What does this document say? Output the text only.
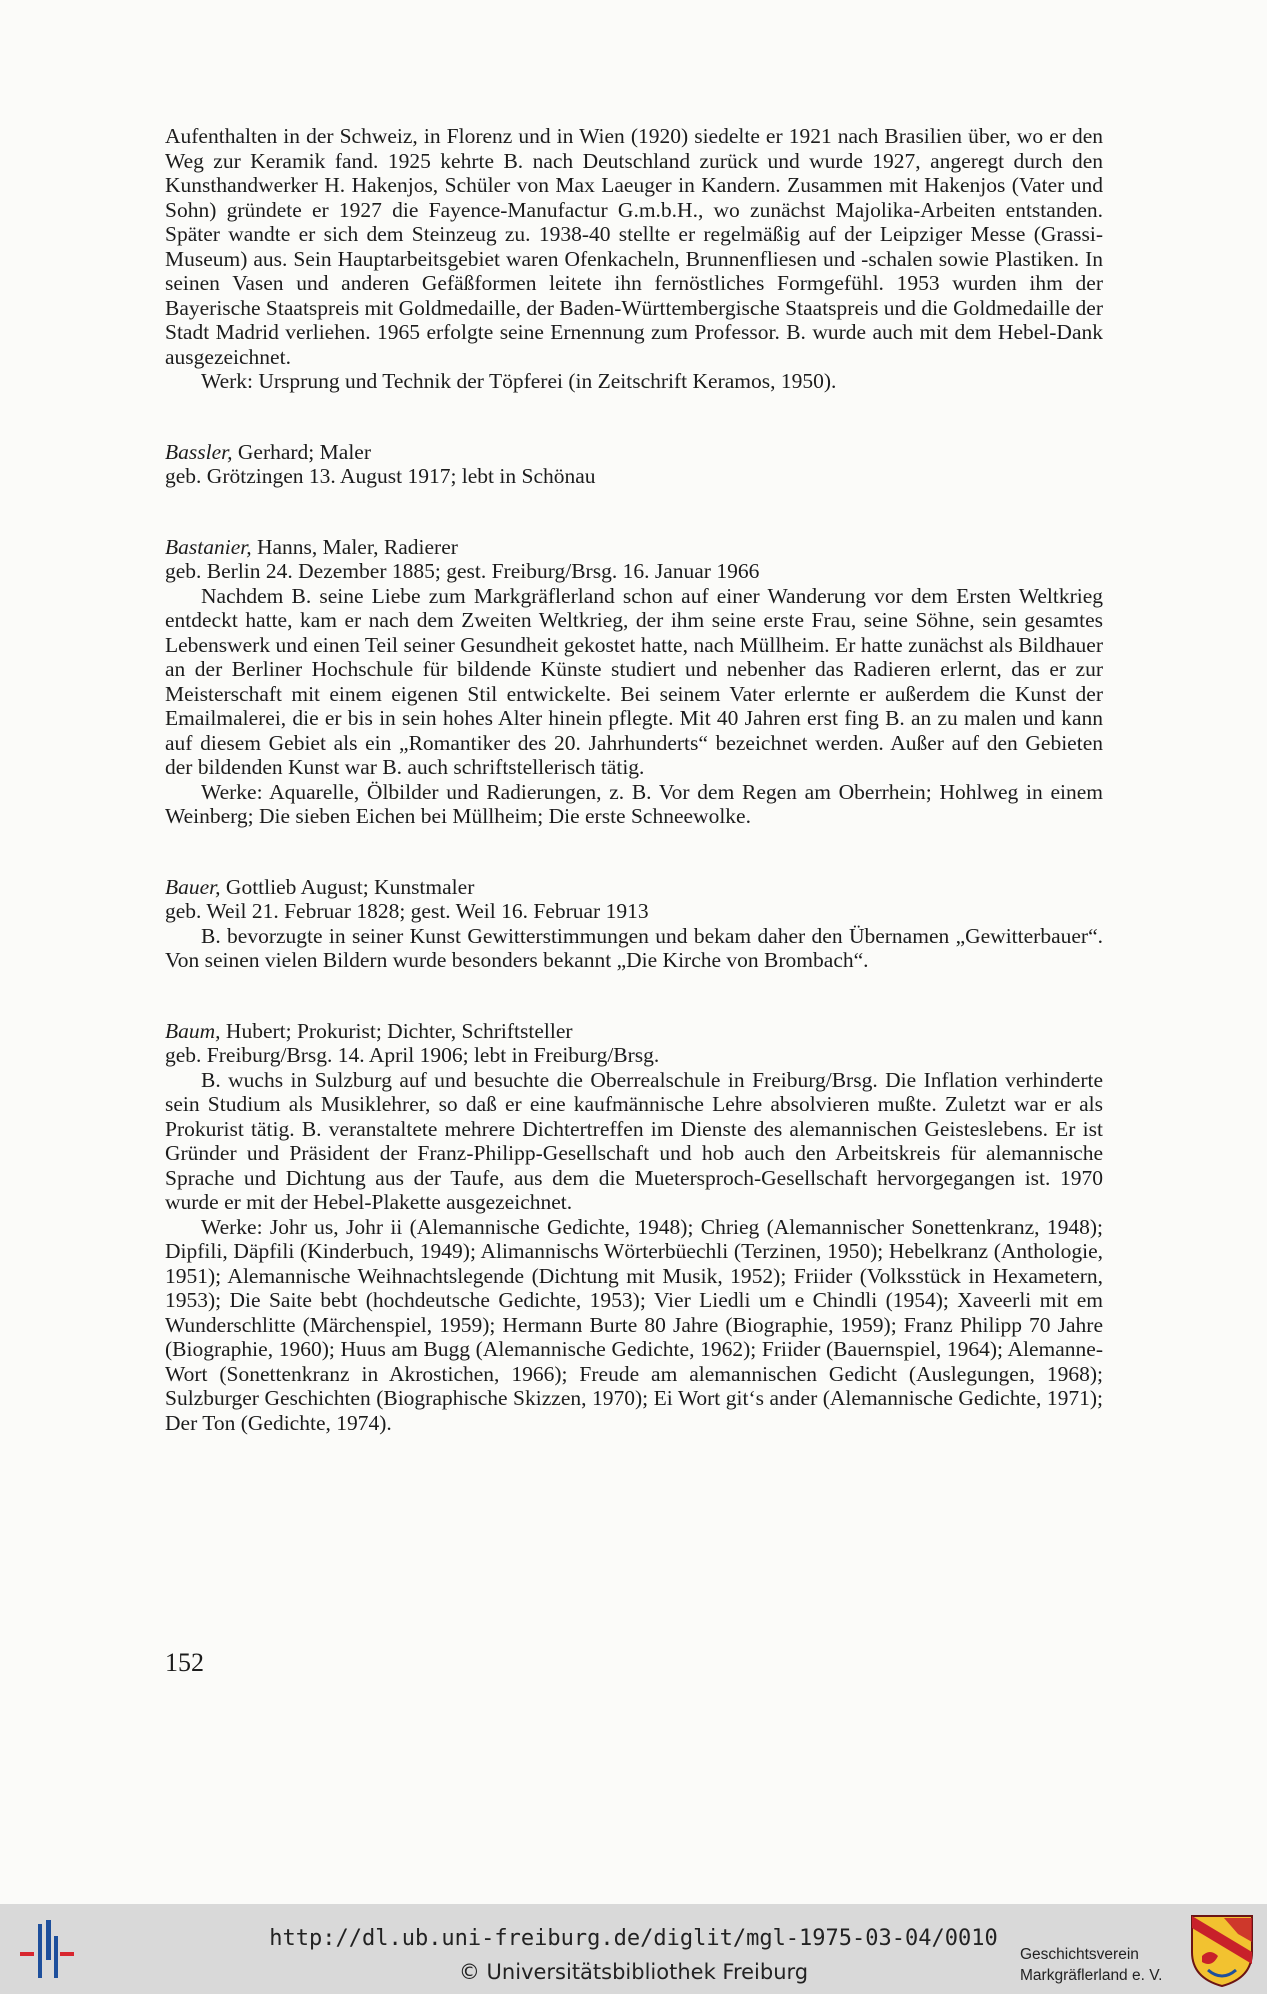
Aufenthalten in der Schweiz, in Florenz und in Wien (1920) siedelte er 1921 nach Brasilien über, wo er den Weg zur Keramik fand. 1925 kehrte B. nach Deutschland zurück und wurde 1927, angeregt durch den Kunsthandwerker H. Hakenjos, Schüler von Max Laeuger in Kandern. Zusammen mit Hakenjos (Vater und Sohn) gründete er 1927 die Fayence-Manufactur G.m.b.H., wo zunächst Majolika-Arbeiten entstanden. Später wandte er sich dem Steinzeug zu. 1938-40 stellte er regelmäßig auf der Leipziger Messe (Grassi-Museum) aus. Sein Hauptarbeitsgebiet waren Ofenkacheln, Brunnenfliesen und -schalen sowie Plastiken. In seinen Vasen und anderen Gefäßformen leitete ihn fernöstliches Formgefühl. 1953 wurden ihm der Bayerische Staatspreis mit Goldmedaille, der Baden-Württembergische Staatspreis und die Goldmedaille der Stadt Madrid verliehen. 1965 erfolgte seine Ernennung zum Professor. B. wurde auch mit dem Hebel-Dank ausgezeichnet.

Werk: Ursprung und Technik der Töpferei (in Zeitschrift Keramos, 1950).

Bassler, Gerhard; Maler

geb. Grötzingen 13. August 1917; lebt in Schönau

Bastanier, Hanns, Maler, Radierer

geb. Berlin 24. Dezember 1885; gest. Freiburg/Brsg. 16. Januar 1966

Nachdem B. seine Liebe zum Markgräflerland schon auf einer Wanderung vor dem Ersten Weltkrieg entdeckt hatte, kam er nach dem Zweiten Weltkrieg, der ihm seine erste Frau, seine Söhne, sein gesamtes Lebenswerk und einen Teil seiner Gesundheit gekostet hatte, nach Müllheim. Er hatte zunächst als Bildhauer an der Berliner Hochschule für bildende Künste studiert und nebenher das Radieren erlernt, das er zur Meisterschaft mit einem eigenen Stil entwickelte. Bei seinem Vater erlernte er außerdem die Kunst der Emailmalerei, die er bis in sein hohes Alter hinein pflegte. Mit 40 Jahren erst fing B. an zu malen und kann auf diesem Gebiet als ein „Romantiker des 20. Jahrhunderts“ bezeichnet werden. Außer auf den Gebieten der bildenden Kunst war B. auch schriftstellerisch tätig.

Werke: Aquarelle, Ölbilder und Radierungen, z. B. Vor dem Regen am Oberrhein; Hohlweg in einem Weinberg; Die sieben Eichen bei Müllheim; Die erste Schneewolke.

Bauer, Gottlieb August; Kunstmaler

geb. Weil 21. Februar 1828; gest. Weil 16. Februar 1913

B. bevorzugte in seiner Kunst Gewitterstimmungen und bekam daher den Übernamen „Gewitterbauer“. Von seinen vielen Bildern wurde besonders bekannt „Die Kirche von Brombach“.

Baum, Hubert; Prokurist; Dichter, Schriftsteller

geb. Freiburg/Brsg. 14. April 1906; lebt in Freiburg/Brsg.

B. wuchs in Sulzburg auf und besuchte die Oberrealschule in Freiburg/Brsg. Die Inflation verhinderte sein Studium als Musiklehrer, so daß er eine kaufmännische Lehre absolvieren mußte. Zuletzt war er als Prokurist tätig. B. veranstaltete mehrere Dichtertreffen im Dienste des alemannischen Geisteslebens. Er ist Gründer und Präsident der Franz-Philipp-Gesellschaft und hob auch den Arbeitskreis für alemannische Sprache und Dichtung aus der Taufe, aus dem die Muetersproch-Gesellschaft hervorgegangen ist. 1970 wurde er mit der Hebel-Plakette ausgezeichnet.

Werke: Johr us, Johr ii (Alemannische Gedichte, 1948); Chrieg (Alemannischer Sonettenkranz, 1948); Dipfili, Däpfili (Kinderbuch, 1949); Alimannischs Wörterbüechli (Terzinen, 1950); Hebelkranz (Anthologie, 1951); Alemannische Weihnachtslegende (Dichtung mit Musik, 1952); Friider (Volksstück in Hexametern, 1953); Die Saite bebt (hochdeutsche Gedichte, 1953); Vier Liedli um e Chindli (1954); Xaveerli mit em Wunderschlitte (Märchenspiel, 1959); Hermann Burte 80 Jahre (Biographie, 1959); Franz Philipp 70 Jahre (Biographie, 1960); Huus am Bugg (Alemannische Gedichte, 1962); Friider (Bauernspiel, 1964); Alemanne-Wort (Sonettenkranz in Akrostichen, 1966); Freude am alemannischen Gedicht (Auslegungen, 1968); Sulzburger Geschichten (Biographische Skizzen, 1970); Ei Wort git‘s ander (Alemannische Gedichte, 1971); Der Ton (Gedichte, 1974).

152
http://dl.ub.uni-freiburg.de/diglit/mgl-1975-03-04/0010
© Universitätsbibliothek Freiburg
Geschichtsverein
Markgräflerland e. V.
